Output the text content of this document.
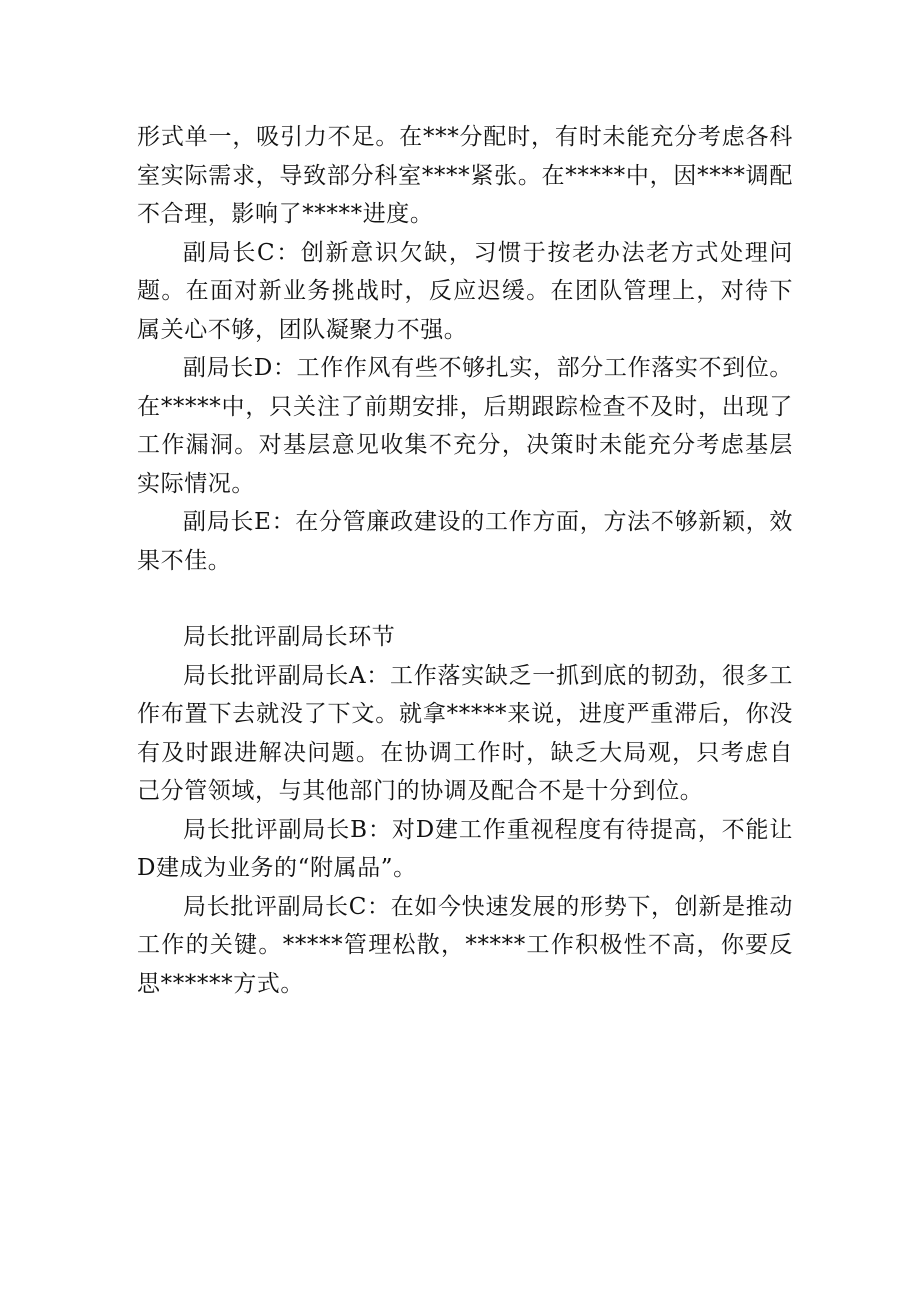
形式单一，吸引力不足。在***分配时，有时未能充分考虑各科室实际需求，导致部分科室****紧张。在*****中，因****调配不合理，影响了*****进度。

副局长C：创新意识欠缺，习惯于按老办法老方式处理问题。在面对新业务挑战时，反应迟缓。在团队管理上，对待下属关心不够，团队凝聚力不强。

副局长D：工作作风有些不够扎实，部分工作落实不到位。在*****中，只关注了前期安排，后期跟踪检查不及时，出现了工作漏洞。对基层意见收集不充分，决策时未能充分考虑基层实际情况。

副局长E：在分管廉政建设的工作方面，方法不够新颖，效果不佳。

局长批评副局长环节

局长批评副局长A：工作落实缺乏一抓到底的韧劲，很多工作布置下去就没了下文。就拿*****来说，进度严重滞后，你没有及时跟进解决问题。在协调工作时，缺乏大局观，只考虑自己分管领域，与其他部门的协调及配合不是十分到位。

局长批评副局长B：对D建工作重视程度有待提高，不能让D建成为业务的“附属品”。

局长批评副局长C：在如今快速发展的形势下，创新是推动工作的关键。*****管理松散，*****工作积极性不高，你要反思******方式。
